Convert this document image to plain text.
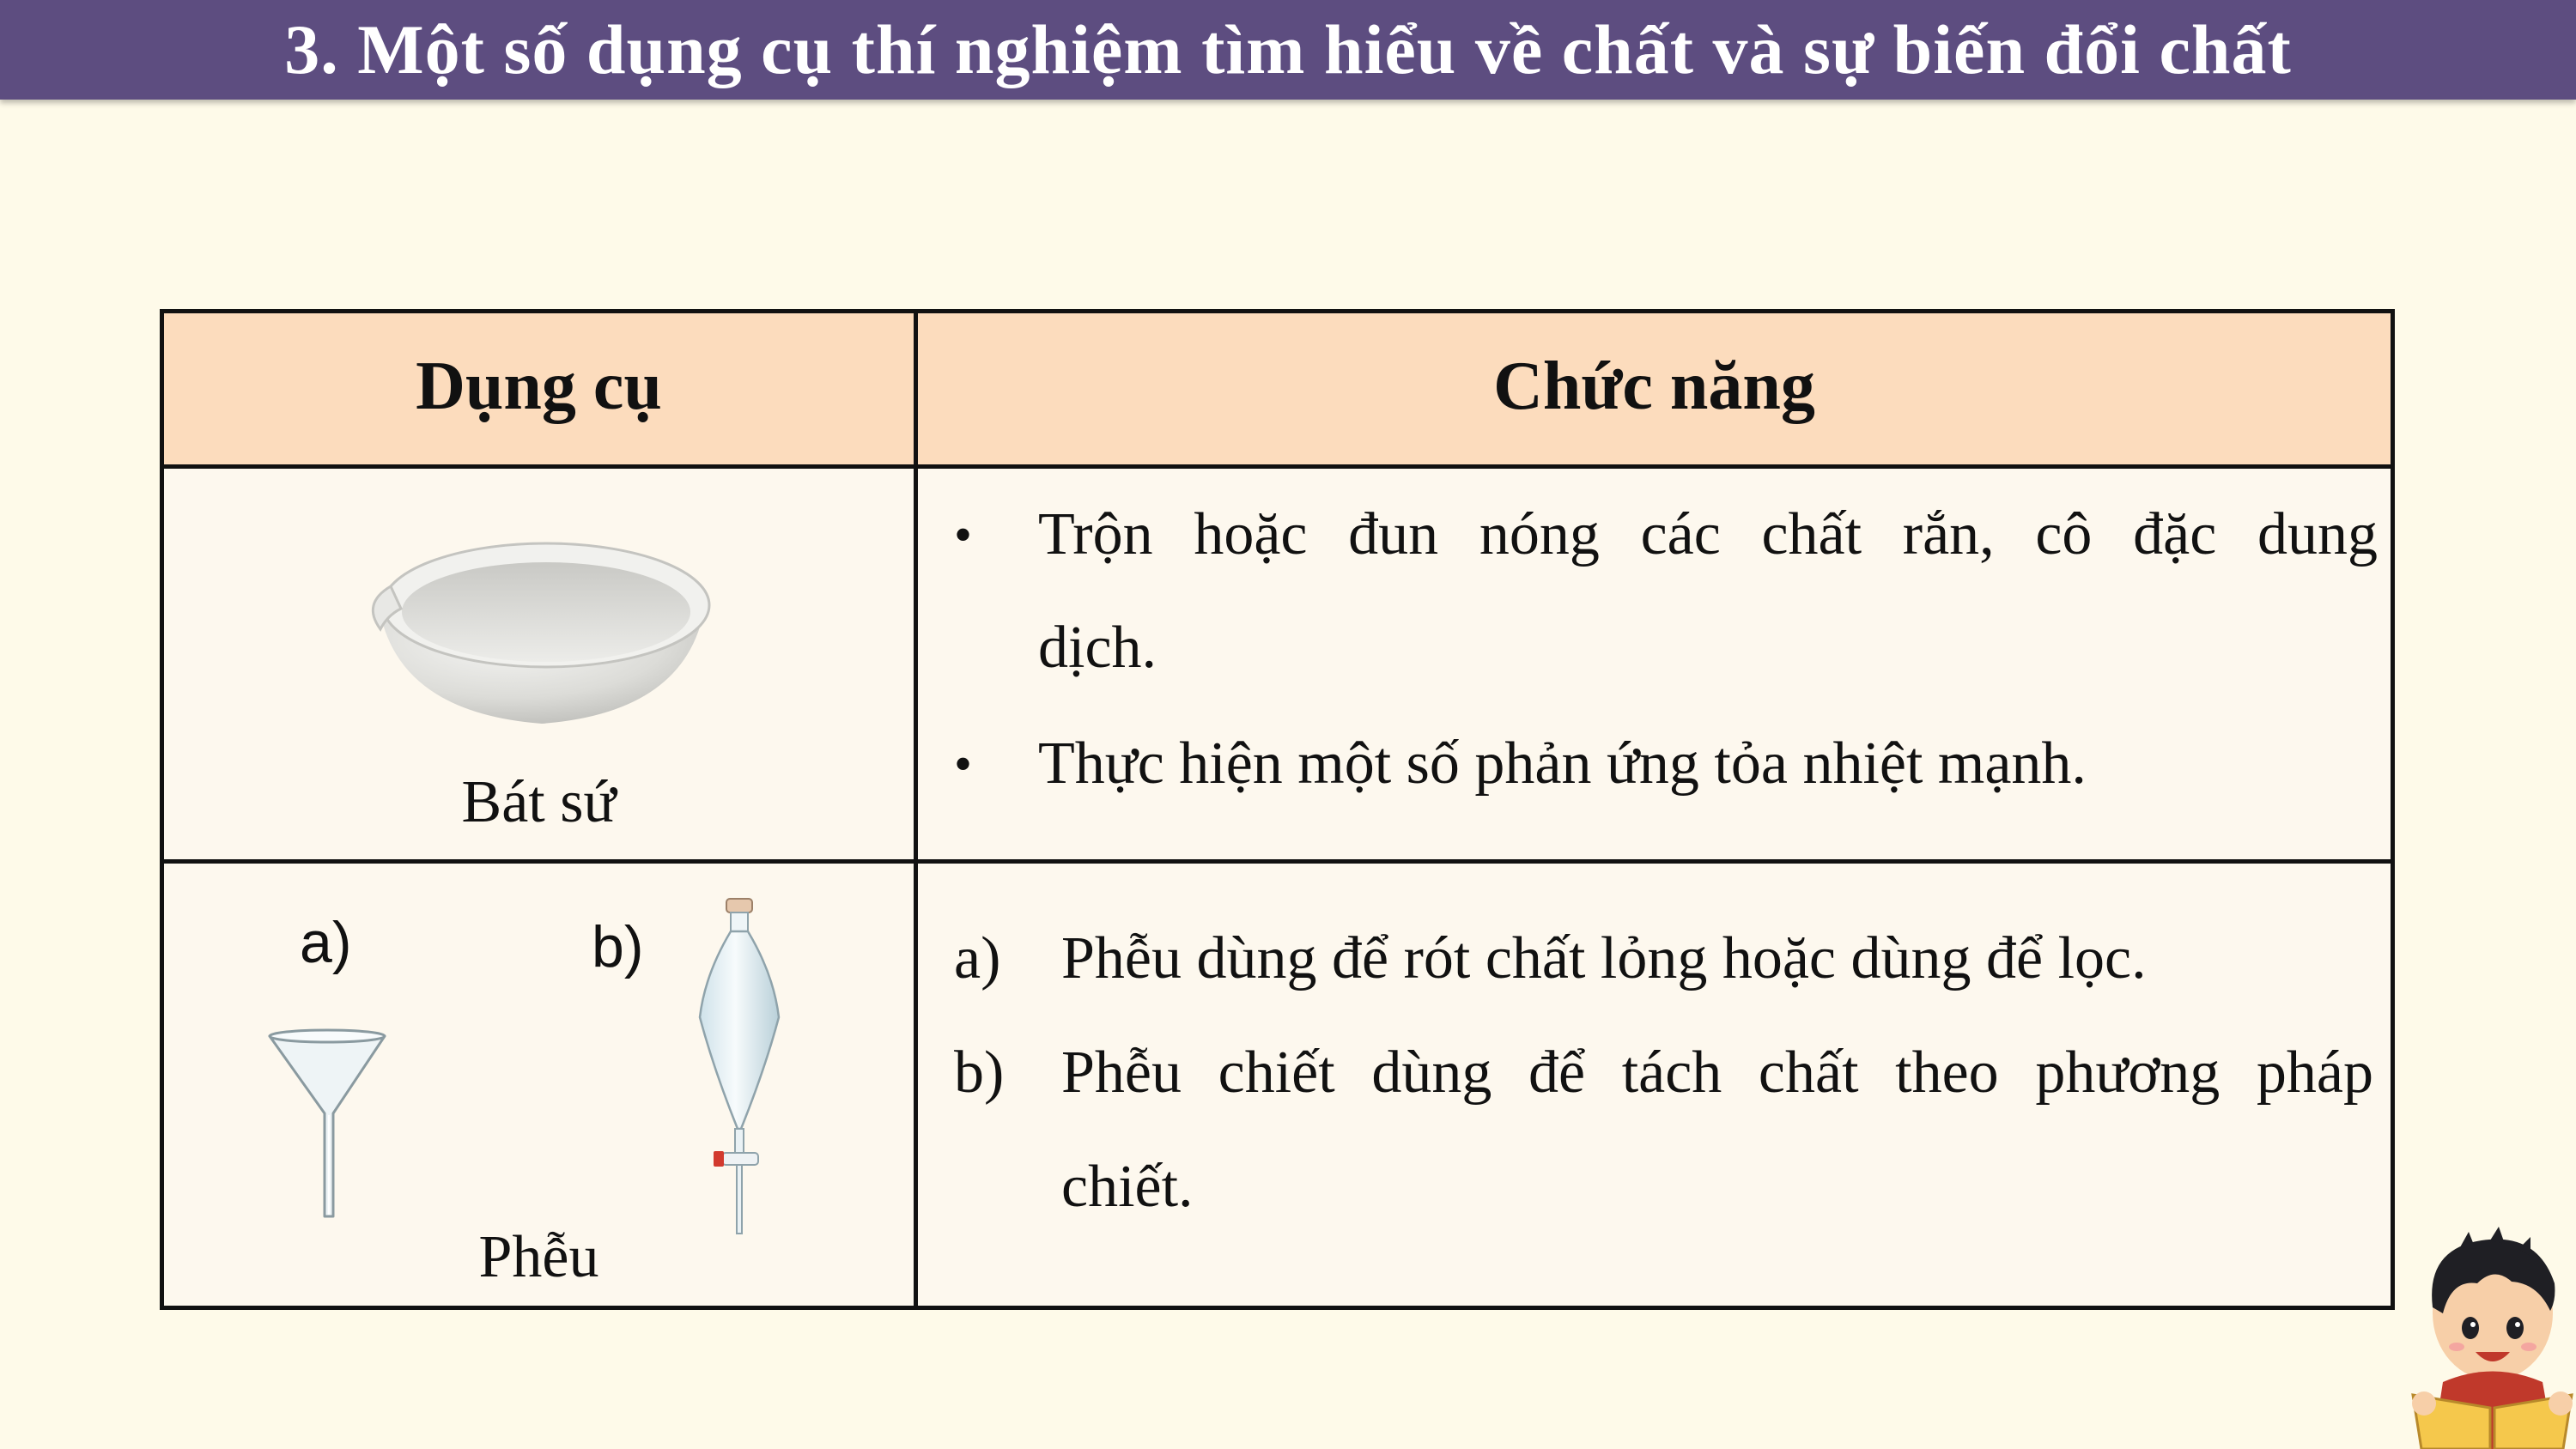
3. Một số dụng cụ thí nghiệm tìm hiểu về chất và sự biến đổi chất
Dụng cụ	Chức năng
Bát sứ
• Trộn hoặc đun nóng các chất rắn, cô đặc dung
dịch.
• Thực hiện một số phản ứng tỏa nhiệt mạnh.
a)	b)
Phễu
a) Phễu dùng để rót chất lỏng hoặc dùng để lọc.
b) Phễu chiết dùng để tách chất theo phương pháp
chiết.
